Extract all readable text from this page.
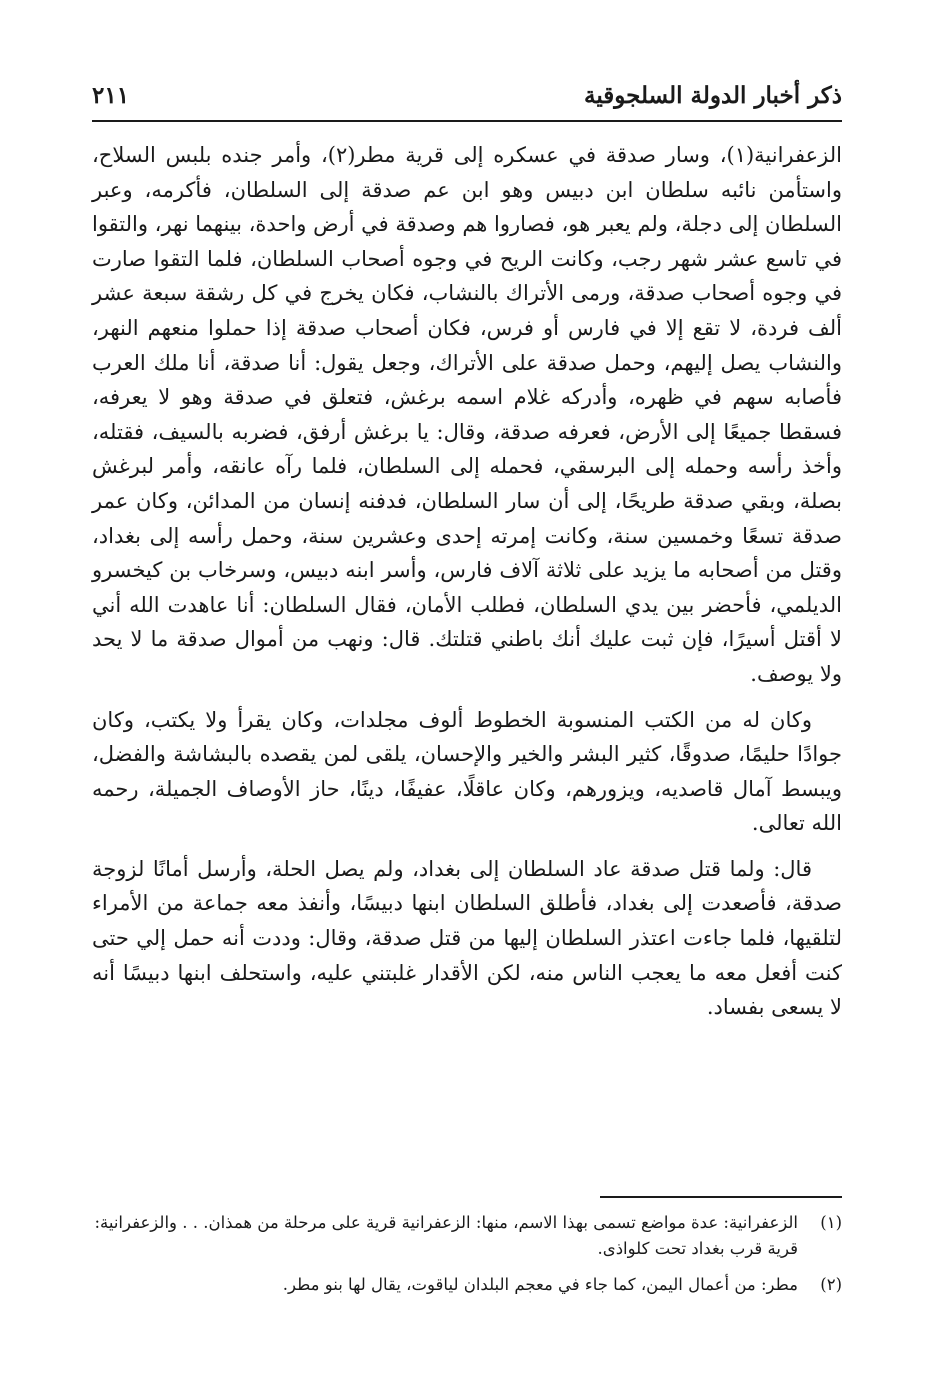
ذكر أخبار الدولة السلجوقية
٢١١

الزعفرانية(١)، وسار صدقة في عسكره إلى قرية مطر(٢)، وأمر جنده بلبس السلاح، واستأمن نائبه سلطان ابن دبيس وهو ابن عم صدقة إلى السلطان، فأكرمه، وعبر السلطان إلى دجلة، ولم يعبر هو، فصاروا هم وصدقة في أرض واحدة، بينهما نهر، والتقوا في تاسع عشر شهر رجب، وكانت الريح في وجوه أصحاب السلطان، فلما التقوا صارت في وجوه أصحاب صدقة، ورمى الأتراك بالنشاب، فكان يخرج في كل رشقة سبعة عشر ألف فردة، لا تقع إلا في فارس أو فرس، فكان أصحاب صدقة إذا حملوا منعهم النهر، والنشاب يصل إليهم، وحمل صدقة على الأتراك، وجعل يقول: أنا صدقة، أنا ملك العرب فأصابه سهم في ظهره، وأدركه غلام اسمه برغش، فتعلق في صدقة وهو لا يعرفه، فسقطا جميعًا إلى الأرض، فعرفه صدقة، وقال: يا برغش أرفق، فضربه بالسيف، فقتله، وأخذ رأسه وحمله إلى البرسقي، فحمله إلى السلطان، فلما رآه عانقه، وأمر لبرغش بصلة، وبقي صدقة طريحًا، إلى أن سار السلطان، فدفنه إنسان من المدائن، وكان عمر صدقة تسعًا وخمسين سنة، وكانت إمرته إحدى وعشرين سنة، وحمل رأسه إلى بغداد، وقتل من أصحابه ما يزيد على ثلاثة آلاف فارس، وأسر ابنه دبيس، وسرخاب بن كيخسرو الديلمي، فأحضر بين يدي السلطان، فطلب الأمان، فقال السلطان: أنا عاهدت الله أني لا أقتل أسيرًا، فإن ثبت عليك أنك باطني قتلتك. قال: ونهب من أموال صدقة ما لا يحد ولا يوصف.

وكان له من الكتب المنسوبة الخطوط ألوف مجلدات، وكان يقرأ ولا يكتب، وكان جوادًا حليمًا، صدوقًا، كثير البشر والخير والإحسان، يلقى لمن يقصده بالبشاشة والفضل، ويبسط آمال قاصديه، ويزورهم، وكان عاقلًا، عفيفًا، دينًا، حاز الأوصاف الجميلة، رحمه الله تعالى.

قال: ولما قتل صدقة عاد السلطان إلى بغداد، ولم يصل الحلة، وأرسل أمانًا لزوجة صدقة، فأصعدت إلى بغداد، فأطلق السلطان ابنها دبيسًا، وأنفذ معه جماعة من الأمراء لتلقيها، فلما جاءت اعتذر السلطان إليها من قتل صدقة، وقال: وددت أنه حمل إلي حتى كنت أفعل معه ما يعجب الناس منه، لكن الأقدار غلبتني عليه، واستحلف ابنها دبيسًا أنه لا يسعى بفساد.

(١)
الزعفرانية: عدة مواضع تسمى بهذا الاسم، منها: الزعفرانية قرية على مرحلة من همذان. . . والزعفرانية: قرية قرب بغداد تحت كلواذى.
(٢)
مطر: من أعمال اليمن، كما جاء في معجم البلدان لياقوت، يقال لها بنو مطر.
